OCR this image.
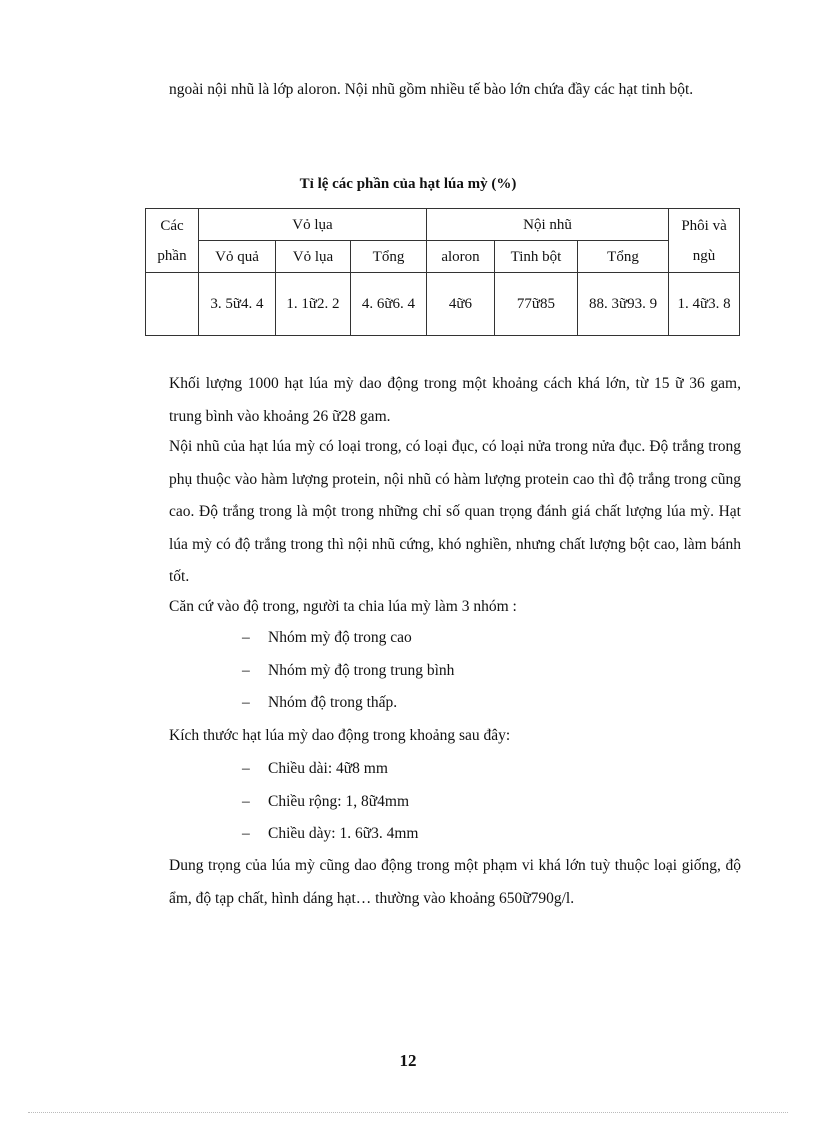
ngoài nội nhũ là lớp aloron. Nội nhũ gồm nhiều tế bào lớn chứa đầy các hạt tinh bột.

Tỉ lệ các phần của hạt lúa mỳ (%)
Các phần	Vỏ lụa			Nội nhũ			Phôi và ngù
	Vỏ quả	Vỏ lụa	Tổng	aloron	Tinh bột	Tổng	
	3. 5ữ4. 4	1. 1ữ2. 2	4. 6ữ6. 4	4ữ6	77ữ85	88. 3ữ93. 9	1. 4ữ3. 8

Khối lượng 1000 hạt lúa mỳ dao động trong một khoảng cách khá lớn, từ 15 ữ 36 gam, trung bình vào khoảng 26 ữ28 gam.

Nội nhũ của hạt lúa mỳ có loại trong, có loại đục, có loại nửa trong nửa đục. Độ trắng trong phụ thuộc vào hàm lượng protein, nội nhũ có hàm lượng protein cao thì độ trắng trong cũng cao. Độ trắng trong là một trong những chỉ số quan trọng đánh giá chất lượng lúa mỳ. Hạt lúa mỳ có độ trắng trong thì nội nhũ cứng, khó nghiền, nhưng chất lượng bột cao, làm bánh tốt.

Căn cứ vào độ trong, người ta chia lúa mỳ làm 3 nhóm :

– Nhóm mỳ độ trong cao
– Nhóm mỳ độ trong trung bình
– Nhóm độ trong thấp.

Kích thước hạt lúa mỳ dao động trong khoảng sau đây:

– Chiều dài: 4ữ8 mm
– Chiều rộng: 1, 8ữ4mm
– Chiều dày: 1. 6ữ3. 4mm

Dung trọng của lúa mỳ cũng dao động trong một phạm vi khá lớn tuỳ thuộc loại giống, độ ẩm, độ tạp chất, hình dáng hạt… thường vào khoảng 650ữ790g/l.

12
